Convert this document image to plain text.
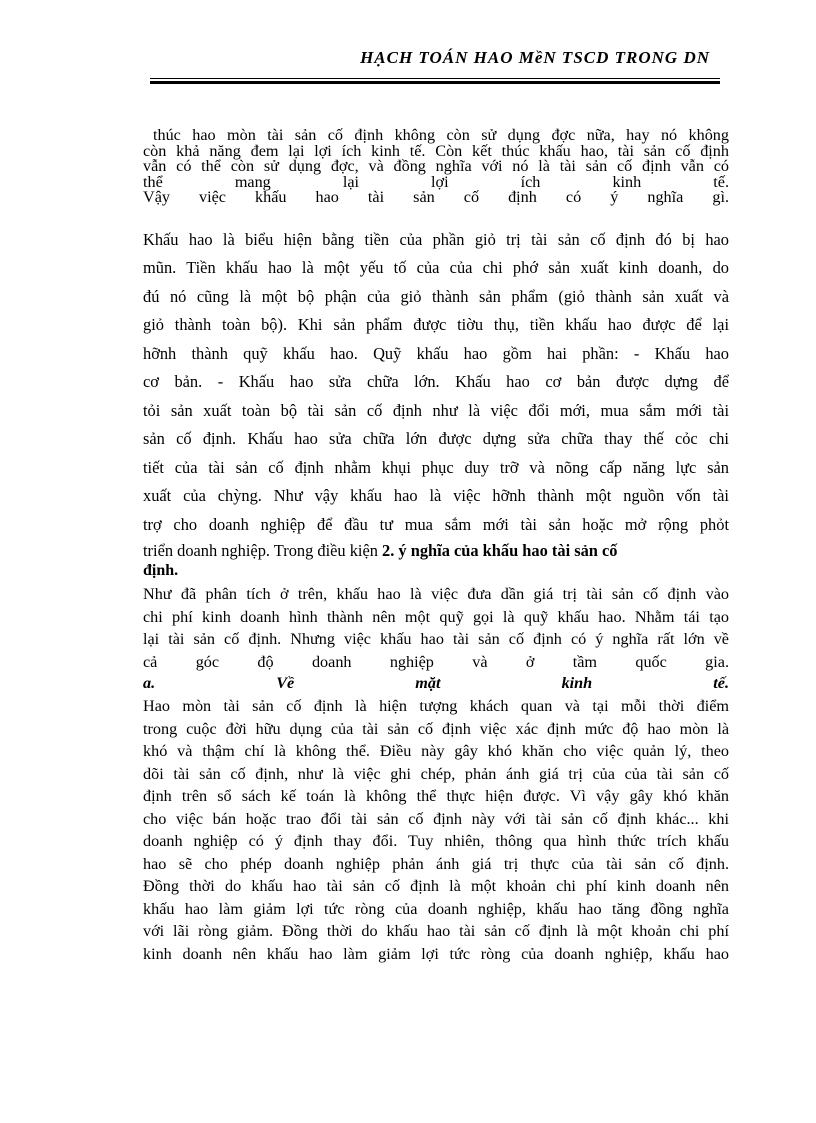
HẠCH TOÁN HAO MềN TSCD TRONG DN
thúc hao mòn tài sản cố định không còn sử dụng đợc nữa, hay nó không
còn khả năng đem lại lợi ích kinh tế. Còn kết thúc khấu hao, tài sản cố định
vẫn có thể còn sử dụng đợc, và đồng nghĩa với nó là tài sản cố định vẫn có
thể mang lại lợi ích kinh tế.
Vậy việc khấu hao tài sản cố định có ý nghĩa gì.
Khấu hao là biểu hiện bằng tiền của phần giỏ trị tài sản cố định đó bị hao
mũn. Tiền khấu hao là một yếu tố của của chi phớ sản xuất kinh doanh, do
đú nó cũng là một bộ phận của giỏ thành sản phẩm (giỏ thành sản xuất và
giỏ thành toàn bộ). Khi sản phẩm được tiờu thụ, tiền khấu hao được để lại
hỡnh thành quỹ khấu hao. Quỹ khấu hao gồm hai phần: - Khấu hao
cơ bản. - Khấu hao sửa chữa lớn. Khấu hao cơ bản được dựng để
tỏi sản xuất toàn bộ tài sản cố định như là việc đổi mới, mua sắm mới tài
sản cố định. Khấu hao sửa chữa lớn được dựng sửa chữa thay thế cỏc chi
tiết của tài sản cố định nhằm khụi phục duy trỡ và nõng cấp năng lực sản
xuất của chỳng. Như vậy khấu hao là việc hỡnh thành một nguồn vốn tài
trợ cho doanh nghiệp để đầu tư mua sắm mới tài sản hoặc mở rộng phỏt
triển doanh nghiệp. Trong điều kiện 2. ý nghĩa của khấu hao tài sản cố
định.
Như đã phân tích ở trên, khấu hao là việc đưa dần giá trị tài sản cố định vào
chi phí kinh doanh hình thành nên một quỹ gọi là quỹ khấu hao. Nhằm tái tạo
lại tài sản cố định. Nhưng việc khấu hao tài sản cố định có ý nghĩa rất lớn về
cả góc độ doanh nghiệp và ở tầm quốc gia.
a. Về mặt kinh tế.
Hao mòn tài sản cố định là hiện tượng khách quan và tại mỗi thời điểm
trong cuộc đời hữu dụng của tài sản cố định việc xác định mức độ hao mòn là
khó và thậm chí là không thể. Điều này gây khó khăn cho việc quản lý, theo
dõi tài sản cố định, như là việc ghi chép, phản ánh giá trị của của tài sản cố
định trên sổ sách kế toán là không thể thực hiện được. Vì vậy gây khó khăn
cho việc bán hoặc trao đổi tài sản cố định này với tài sản cố định khác... khi
doanh nghiệp có ý định thay đổi. Tuy nhiên, thông qua hình thức trích khấu
hao sẽ cho phép doanh nghiệp phản ánh giá trị thực của tài sản cố định.
Đồng thời do khấu hao tài sản cố định là một khoản chi phí kinh doanh nên
khấu hao làm giảm lợi tức ròng của doanh nghiệp, khấu hao tăng đồng nghĩa
với lãi ròng giảm. Đồng thời do khấu hao tài sản cố định là một khoản chi phí
kinh doanh nên khấu hao làm giảm lợi tức ròng của doanh nghiệp, khấu hao
